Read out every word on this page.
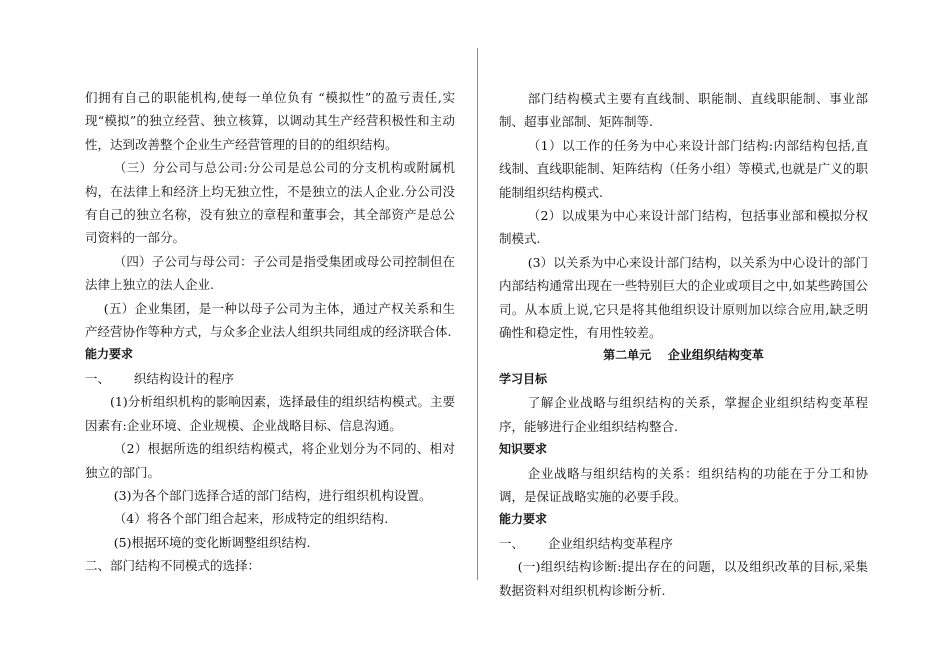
们拥有自己的职能机构,使每一单位负有 “模拟性”的盈亏责任,实现“模拟”的独立经营、独立核算，以调动其生产经营积极性和主动性，达到改善整个企业生产经营管理的目的的组织结构。

（三）分公司与总公司:分公司是总公司的分支机构或附属机构，在法律上和经济上均无独立性，不是独立的法人企业.分公司没有自己的独立名称，没有独立的章程和董事会，其全部资产是总公司资料的一部分。

（四）子公司与母公司：子公司是指受集团或母公司控制但在法律上独立的法人企业.

(五）企业集团，是一种以母子公司为主体，通过产权关系和生产经营协作等种方式，与众多企业法人组织共同组成的经济联合体.

能力要求

一、      织结构设计的程序

(1)分析组织机构的影响因素，选择最佳的组织结构模式。主要因素有:企业环境、企业规模、企业战略目标、信息沟通。

（2）根据所选的组织结构模式，将企业划分为不同的、相对独立的部门。

(3)为各个部门选择合适的部门结构，进行组织机构设置。

（4）将各个部门组合起来，形成特定的组织结构.

(5)根据环境的变化断调整组织结构.

二、部门结构不同模式的选择：

部门结构模式主要有直线制、职能制、直线职能制、事业部制、超事业部制、矩阵制等.

（1）以工作的任务为中心来设计部门结构:内部结构包括,直线制、直线职能制、矩阵结构（任务小组）等模式,也就是广义的职能制组织结构模式.

（2）以成果为中心来设计部门结构，包括事业部和模拟分权制模式.

(3）以关系为中心来设计部门结构，以关系为中心设计的部门内部结构通常出现在一些特别巨大的企业或项目之中,如某些跨国公司。从本质上说,它只是将其他组织设计原则加以综合应用,缺乏明确性和稳定性，有用性较差。

第二单元    企业组织结构变革

学习目标

了解企业战略与组织结构的关系，掌握企业组织结构变革程序，能够进行企业组织结构整合.

知识要求

企业战略与组织结构的关系：组织结构的功能在于分工和协调，是保证战略实施的必要手段。

能力要求

一、      企业组织结构变革程序

(一)组织结构诊断:提出存在的问题，以及组织改革的目标,采集数据资料对组织机构诊断分析.
